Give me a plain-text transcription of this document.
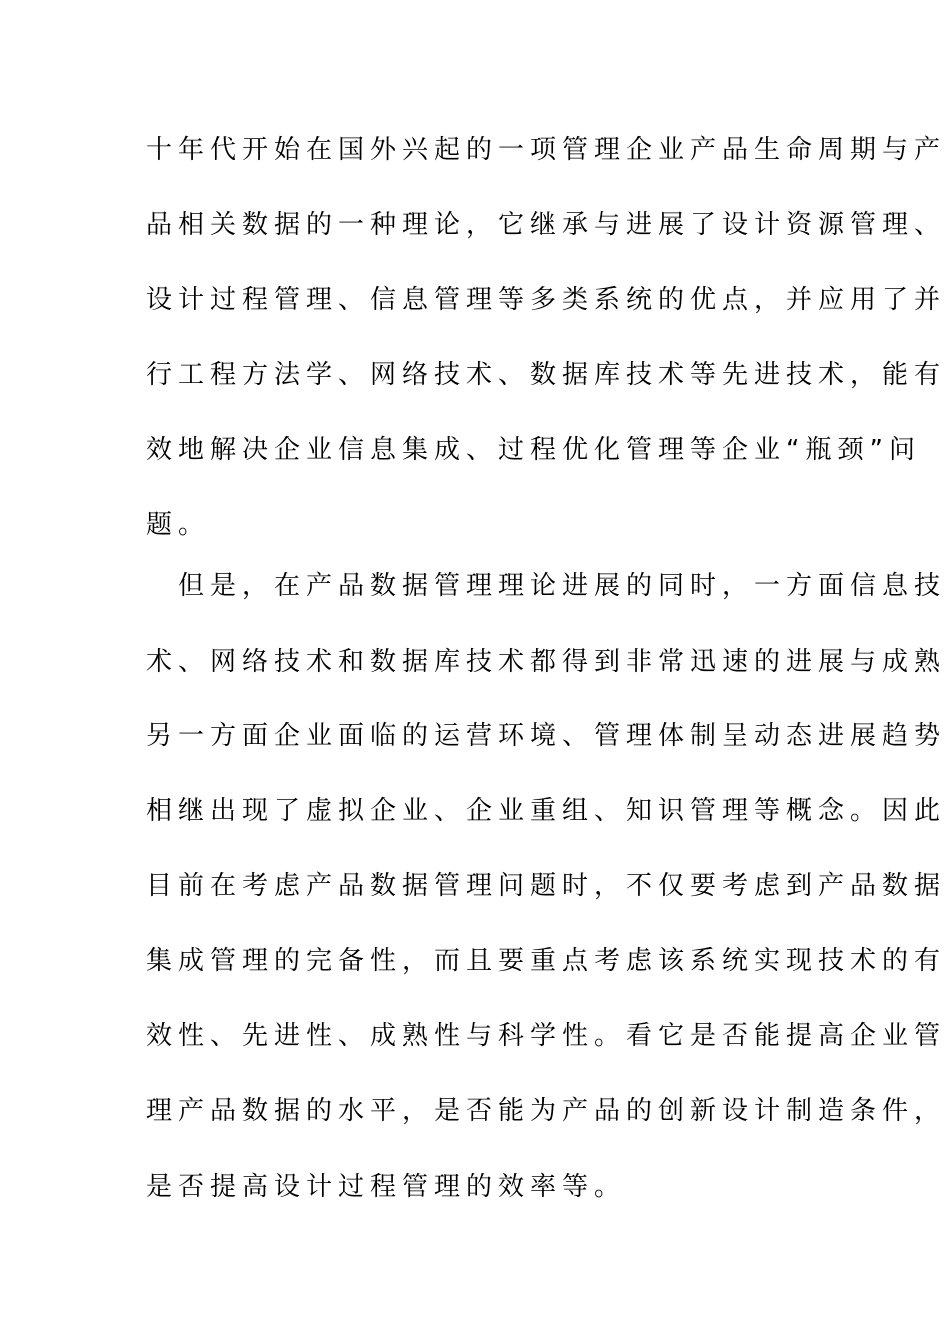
十年代开始在国外兴起的一项管理企业产品生命周期与产
品相关数据的一种理论，它继承与进展了设计资源管理、
设计过程管理、信息管理等多类系统的优点，并应用了并
行工程方法学、网络技术、数据库技术等先进技术，能有
效地解决企业信息集成、过程优化管理等企业“瓶颈”问
题。
但是，在产品数据管理理论进展的同时，一方面信息技
术、网络技术和数据库技术都得到非常迅速的进展与成熟
另一方面企业面临的运营环境、管理体制呈动态进展趋势
相继出现了虚拟企业、企业重组、知识管理等概念。因此
目前在考虑产品数据管理问题时，不仅要考虑到产品数据
集成管理的完备性，而且要重点考虑该系统实现技术的有
效性、先进性、成熟性与科学性。看它是否能提高企业管
理产品数据的水平，是否能为产品的创新设计制造条件，
是否提高设计过程管理的效率等。
